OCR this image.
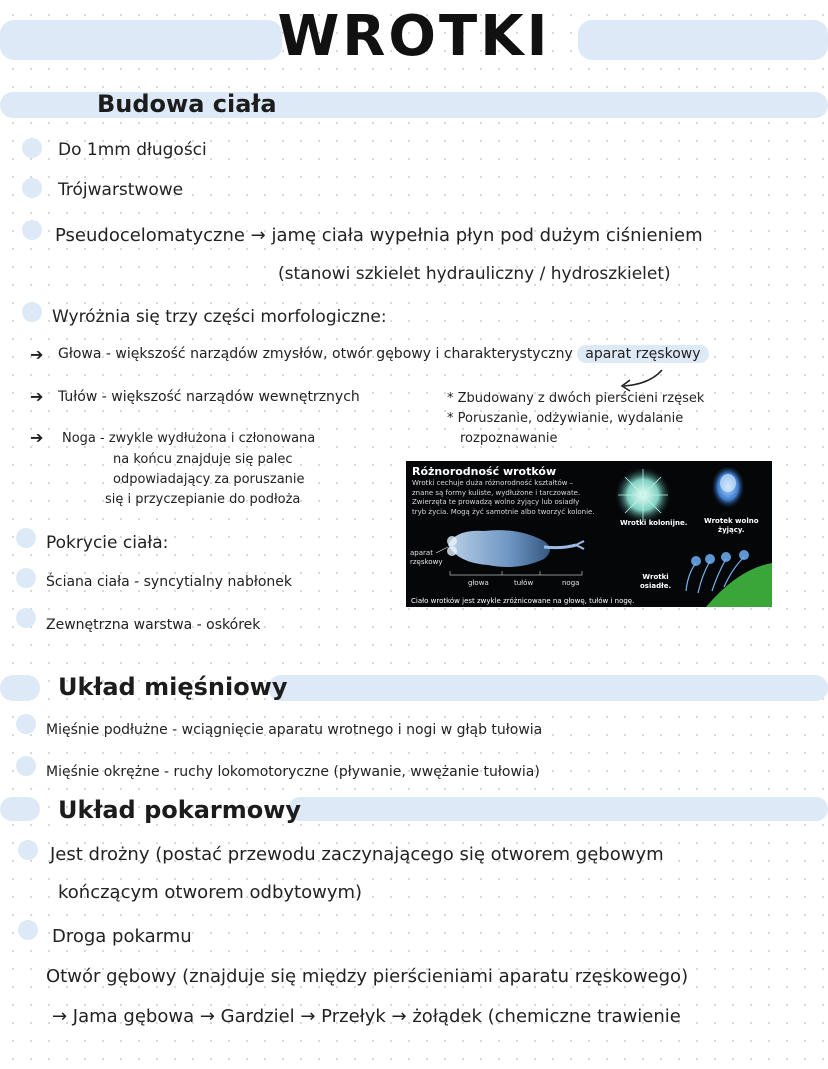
WROTKI
Budowa ciała
Do 1mm długości
Trójwarstwowe
Pseudocelomatyczne → jamę ciała wypełnia płyn pod dużym ciśnieniem
(stanowi szkielet hydrauliczny / hydroszkielet)
Wyróżnia się trzy części morfologiczne:
➔ Głowa - większość narządów zmysłów, otwór gębowy i charakterystyczny aparat rzęskowy
➔ Tułów - większość narządów wewnętrznych	* Zbudowany z dwóch pierścieni rzęsek
* Poruszanie, odżywianie, wydalanie
rozpoznawanie
➔ Noga - zwykle wydłużona i członowana
na końcu znajduje się palec
odpowiadający za poruszanie
się i przyczepianie do podłoża
Różnorodność wrotków
Wrotki cechuje duża różnorodność kształtów –
znane są formy kuliste, wydłużone i tarczowate.
Zwierzęta te prowadzą wolno żyjący lub osiadły
tryb życia. Mogą żyć samotnie albo tworzyć kolonie.
Wrotki kolonijne. Wrotek wolno
żyjący.
Wrotki
osiadłe.
aparat
rzęskowy
głowa	tułów	noga
Ciało wrotków jest zwykle zróżnicowane na głowę, tułów i nogę.
Pokrycie ciała:
Ściana ciała - syncytialny nabłonek
Zewnętrzna warstwa - oskórek
Układ mięśniowy
Mięśnie podłużne - wciągnięcie aparatu wrotnego i nogi w głąb tułowia
Mięśnie okrężne - ruchy lokomotoryczne (pływanie, wwężanie tułowia)
Układ pokarmowy
Jest drożny (postać przewodu zaczynającego się otworem gębowym
kończącym otworem odbytowym)
Droga pokarmu
Otwór gębowy (znajduje się między pierścieniami aparatu rzęskowego)
→ Jama gębowa → Gardziel → Przełyk → żołądek (chemiczne trawienie
